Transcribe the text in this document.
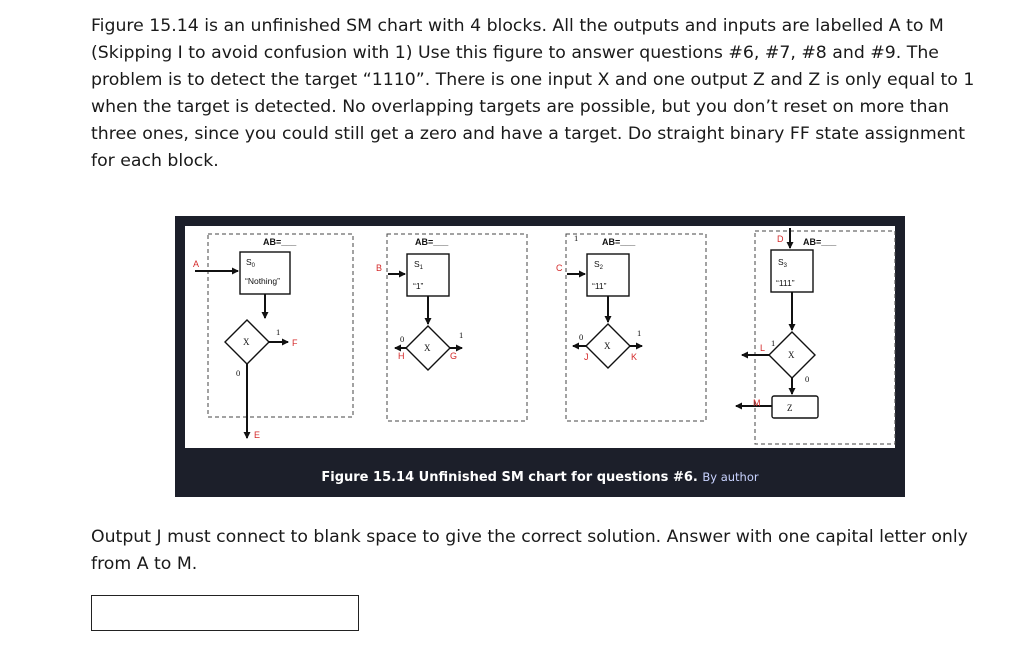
Figure 15.14 is an unfinished SM chart with 4 blocks. All the outputs and inputs are labelled A to M (Skipping I to avoid confusion with 1) Use this figure to answer questions #6, #7, #8 and #9. The problem is to detect the target “1110”. There is one input X and one output Z and Z is only equal to 1 when the target is detected. No overlapping targets are possible, but you don’t reset on more than three ones, since you could still get a zero and have a target. Do straight binary FF state assignment for each block.

AB=___
A	$S_0$
“Nothing”
X
1
F
0
E
AB=___
B	$S_1$
“1”
X
0
H
1
G
1	AB=___
C	$S_2$
“11”
X
0
J
1
K
D AB=___
$S_3$
“111”
X
1
L
0
Z
M
Figure 15.14 Unfinished SM chart for questions #6. By author

Output J must connect to blank space to give the correct solution. Answer with one capital letter only from A to M.
